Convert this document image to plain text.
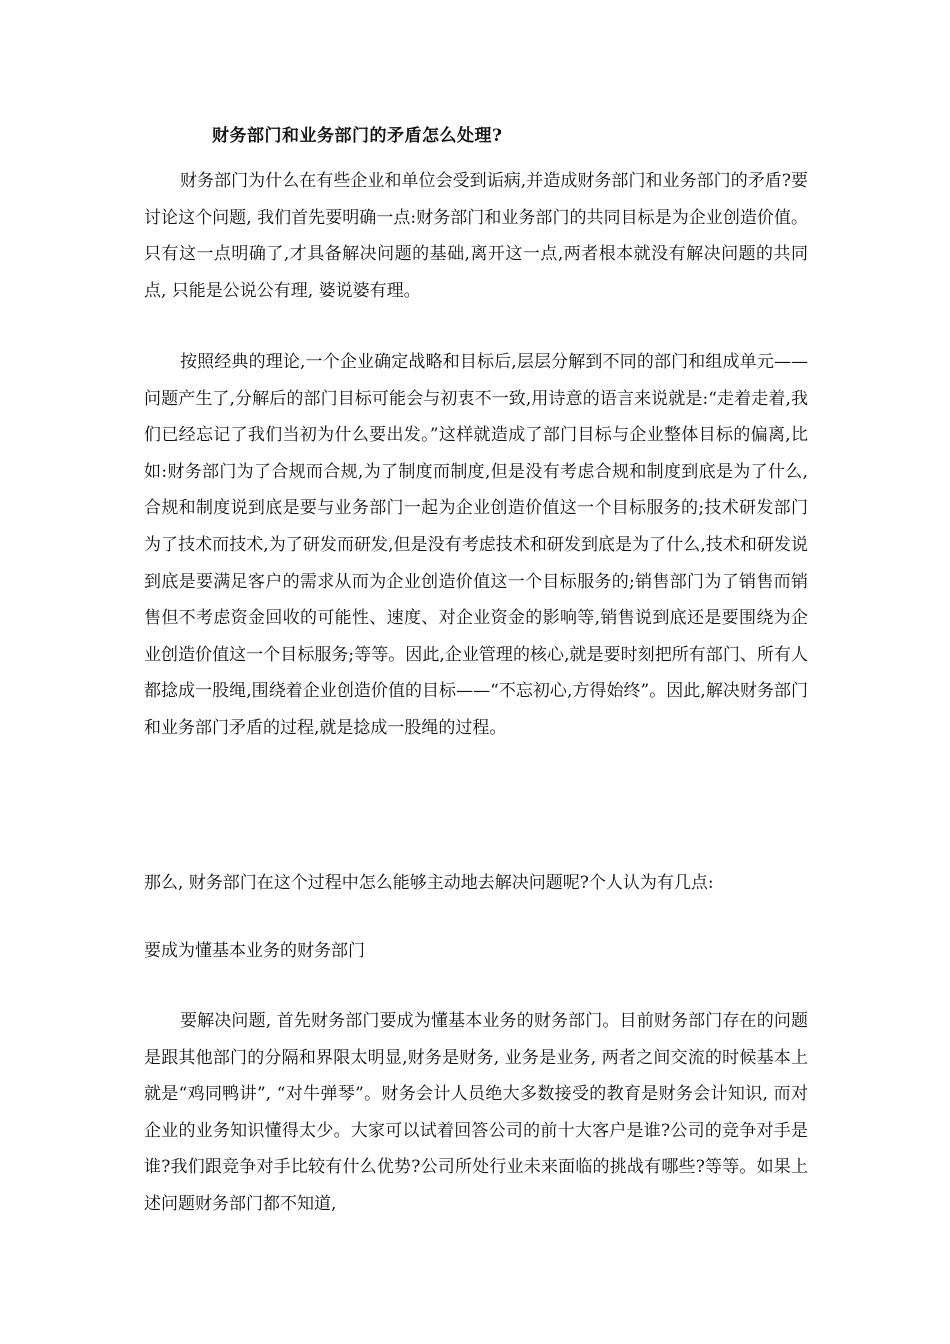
财务部门和业务部门的矛盾怎么处理?

财务部门为什么在有些企业和单位会受到诟病,并造成财务部门和业务部门的矛盾?要讨论这个问题, 我们首先要明确一点:财务部门和业务部门的共同目标是为企业创造价值。只有这一点明确了,才具备解决问题的基础,离开这一点,两者根本就没有解决问题的共同点, 只能是公说公有理, 婆说婆有理。

按照经典的理论,一个企业确定战略和目标后,层层分解到不同的部门和组成单元——问题产生了,分解后的部门目标可能会与初衷不一致,用诗意的语言来说就是:“走着走着,我们已经忘记了我们当初为什么要出发。”这样就造成了部门目标与企业整体目标的偏离,比如:财务部门为了合规而合规,为了制度而制度,但是没有考虑合规和制度到底是为了什么,合规和制度说到底是要与业务部门一起为企业创造价值这一个目标服务的;技术研发部门为了技术而技术,为了研发而研发,但是没有考虑技术和研发到底是为了什么,技术和研发说到底是要满足客户的需求从而为企业创造价值这一个目标服务的;销售部门为了销售而销售但不考虑资金回收的可能性、速度、对企业资金的影响等,销售说到底还是要围绕为企业创造价值这一个目标服务;等等。因此,企业管理的核心,就是要时刻把所有部门、所有人都捻成一股绳,围绕着企业创造价值的目标——“不忘初心,方得始终”。因此,解决财务部门和业务部门矛盾的过程,就是捻成一股绳的过程。

那么, 财务部门在这个过程中怎么能够主动地去解决问题呢?个人认为有几点:

要成为懂基本业务的财务部门

要解决问题, 首先财务部门要成为懂基本业务的财务部门。目前财务部门存在的问题是跟其他部门的分隔和界限太明显,财务是财务, 业务是业务, 两者之间交流的时候基本上就是“鸡同鸭讲”, “对牛弹琴”。财务会计人员绝大多数接受的教育是财务会计知识, 而对企业的业务知识懂得太少。大家可以试着回答公司的前十大客户是谁?公司的竞争对手是谁?我们跟竞争对手比较有什么优势?公司所处行业未来面临的挑战有哪些?等等。如果上述问题财务部门都不知道,
